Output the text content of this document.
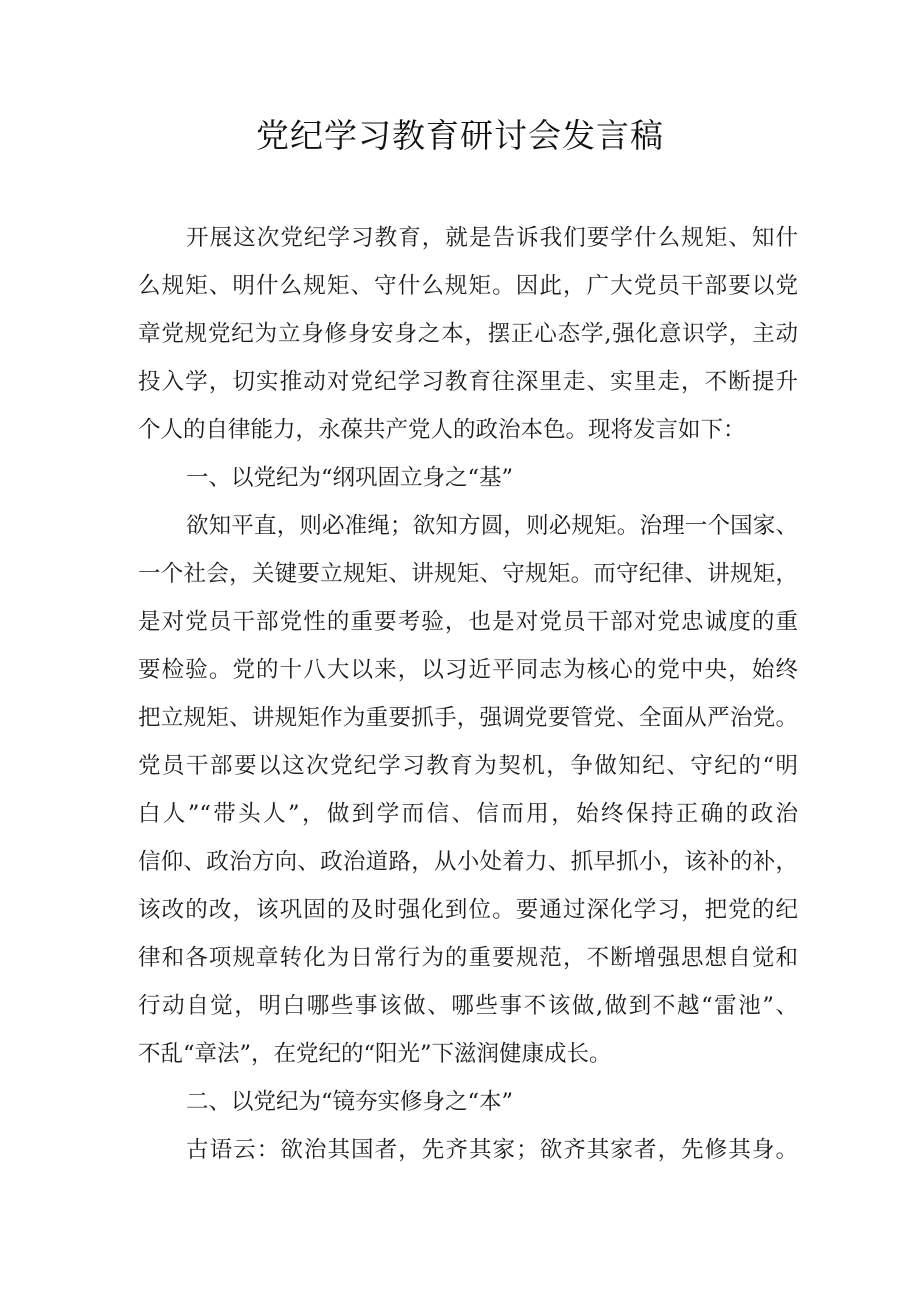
党纪学习教育研讨会发言稿
开展这次党纪学习教育，就是告诉我们要学什么规矩、知什
么规矩、明什么规矩、守什么规矩。因此，广大党员干部要以党
章党规党纪为立身修身安身之本，摆正心态学,强化意识学，主动
投入学，切实推动对党纪学习教育往深里走、实里走，不断提升
个人的自律能力，永葆共产党人的政治本色。现将发言如下：
一、以党纪为“纲巩固立身之“基”
欲知平直，则必准绳；欲知方圆，则必规矩。治理一个国家、
一个社会，关键要立规矩、讲规矩、守规矩。而守纪律、讲规矩，
是对党员干部党性的重要考验，也是对党员干部对党忠诚度的重
要检验。党的十八大以来，以习近平同志为核心的党中央，始终
把立规矩、讲规矩作为重要抓手，强调党要管党、全面从严治党。
党员干部要以这次党纪学习教育为契机，争做知纪、守纪的“明
白人”“带头人”，做到学而信、信而用，始终保持正确的政治
信仰、政治方向、政治道路，从小处着力、抓早抓小，该补的补，
该改的改，该巩固的及时强化到位。要通过深化学习，把党的纪
律和各项规章转化为日常行为的重要规范，不断增强思想自觉和
行动自觉，明白哪些事该做、哪些事不该做,做到不越“雷池”、
不乱“章法”，在党纪的“阳光”下滋润健康成长。
二、以党纪为“镜夯实修身之“本”
古语云：欲治其国者，先齐其家；欲齐其家者，先修其身。
